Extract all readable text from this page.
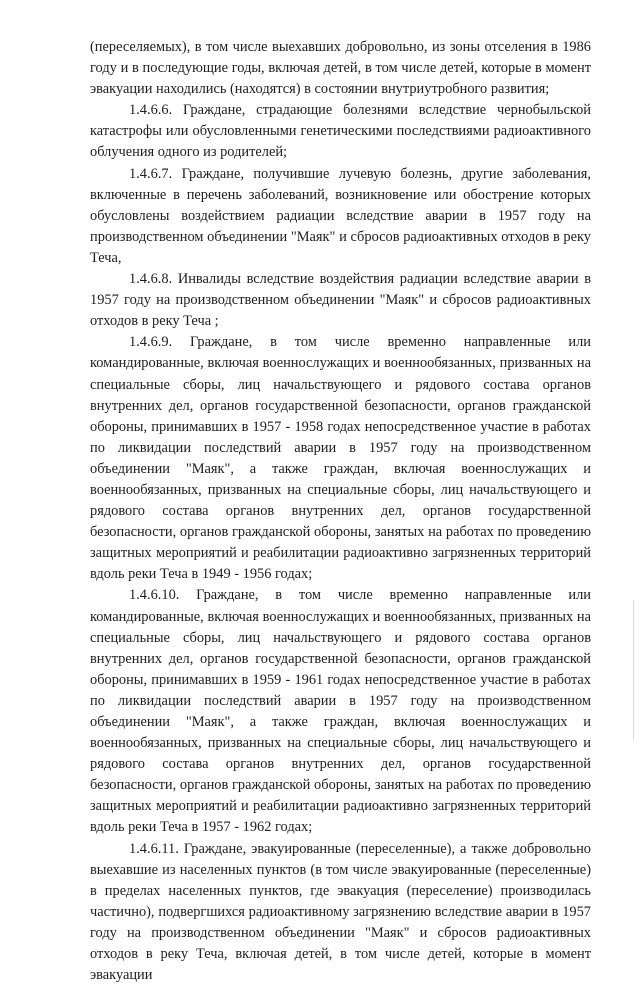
(переселяемых), в том числе выехавших добровольно, из зоны отселения в 1986 году и в последующие годы, включая детей, в том числе детей, которые в момент эвакуации находились (находятся) в состоянии внутриутробного развития;

1.4.6.6. Граждане, страдающие болезнями вследствие чернобыльской катастрофы или обусловленными генетическими последствиями радиоактивного облучения одного из родителей;

1.4.6.7. Граждане, получившие лучевую болезнь, другие заболевания, включенные в перечень заболеваний, возникновение или обострение которых обусловлены воздействием радиации вследствие аварии в 1957 году на производственном объединении "Маяк" и сбросов радиоактивных отходов в реку Теча,

1.4.6.8. Инвалиды вследствие воздействия радиации вследствие аварии в 1957 году на производственном объединении "Маяк" и сбросов радиоактивных отходов в реку Теча ;

1.4.6.9. Граждане, в том числе временно направленные или командированные, включая военнослужащих и военнообязанных, призванных на специальные сборы, лиц начальствующего и рядового состава органов внутренних дел, органов государственной безопасности, органов гражданской обороны, принимавших в 1957 - 1958 годах непосредственное участие в работах по ликвидации последствий аварии в 1957 году на производственном объединении "Маяк", а также граждан, включая военнослужащих и военнообязанных, призванных на специальные сборы, лиц начальствующего и рядового состава органов внутренних дел, органов государственной безопасности, органов гражданской обороны, занятых на работах по проведению защитных мероприятий и реабилитации радиоактивно загрязненных территорий вдоль реки Теча в 1949 - 1956 годах;

1.4.6.10. Граждане, в том числе временно направленные или командированные, включая военнослужащих и военнообязанных, призванных на специальные сборы, лиц начальствующего и рядового состава органов внутренних дел, органов государственной безопасности, органов гражданской обороны, принимавших в 1959 - 1961 годах непосредственное участие в работах по ликвидации последствий аварии в 1957 году на производственном объединении "Маяк", а также граждан, включая военнослужащих и военнообязанных, призванных на специальные сборы, лиц начальствующего и рядового состава органов внутренних дел, органов государственной безопасности, органов гражданской обороны, занятых на работах по проведению защитных мероприятий и реабилитации радиоактивно загрязненных территорий вдоль реки Теча в 1957 - 1962 годах;

1.4.6.11. Граждане, эвакуированные (переселенные), а также добровольно выехавшие из населенных пунктов (в том числе эвакуированные (переселенные) в пределах населенных пунктов, где эвакуация (переселение) производилась частично), подвергшихся радиоактивному загрязнению вследствие аварии в 1957 году на производственном объединении "Маяк" и сбросов радиоактивных отходов в реку Теча, включая детей, в том числе детей, которые в момент эвакуации
